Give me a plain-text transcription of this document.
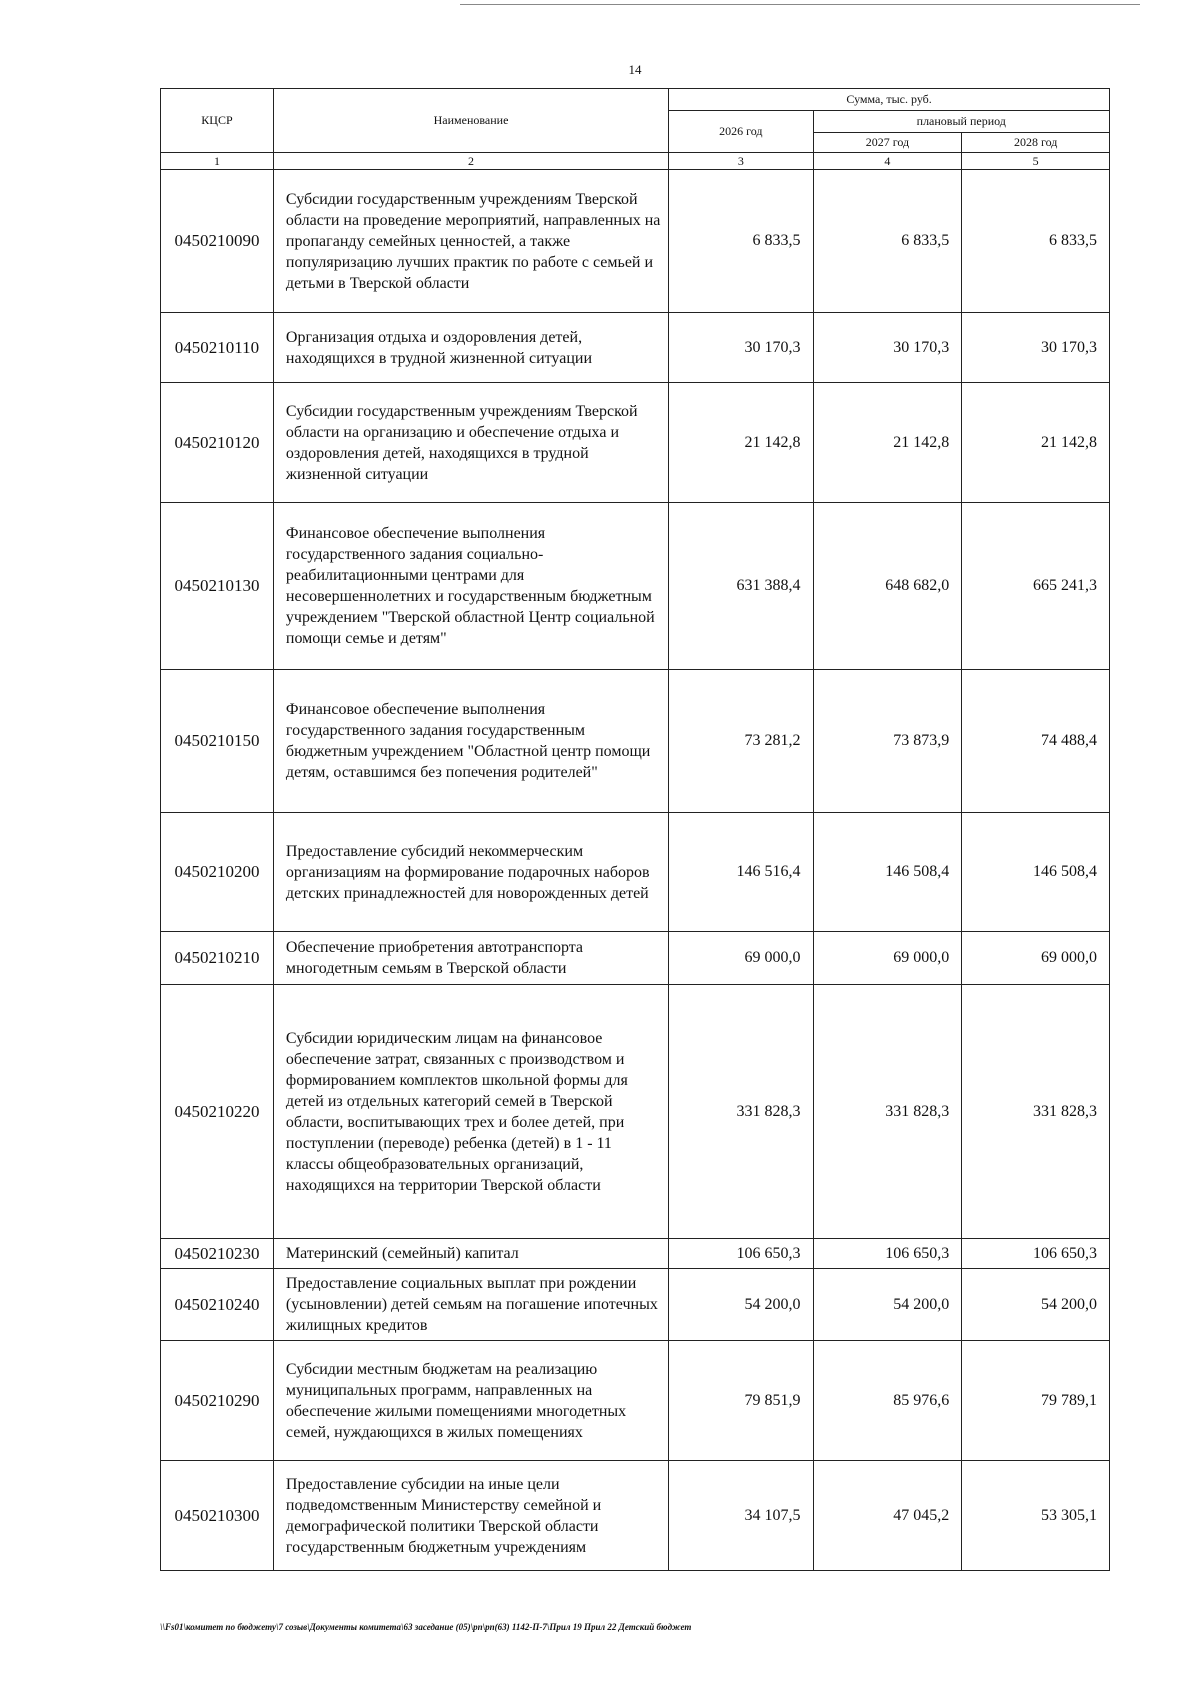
14
КЦСР	Наименование	Сумма, тыс. руб.		
		2026 год	плановый период	
			2027 год	2028 год
1	2	3	4	5
0450210090	Субсидии государственным учреждениям Тверской области на проведение мероприятий, направленных на пропаганду семейных ценностей, а также популяризацию лучших практик по работе с семьей и детьми в Тверской области	6 833,5	6 833,5	6 833,5
0450210110	Организация отдыха и оздоровления детей, находящихся в трудной жизненной ситуации	30 170,3	30 170,3	30 170,3
0450210120	Субсидии государственным учреждениям Тверской области на организацию и обеспечение отдыха и оздоровления детей, находящихся в трудной жизненной ситуации	21 142,8	21 142,8	21 142,8
0450210130	Финансовое обеспечение выполнения государственного задания социально-реабилитационными центрами для несовершеннолетних и государственным бюджетным учреждением "Тверской областной Центр социальной помощи семье и детям"	631 388,4	648 682,0	665 241,3
0450210150	Финансовое обеспечение выполнения государственного задания государственным бюджетным учреждением "Областной центр помощи детям, оставшимся без попечения родителей"	73 281,2	73 873,9	74 488,4
0450210200	Предоставление субсидий некоммерческим организациям на формирование подарочных наборов детских принадлежностей для новорожденных детей	146 516,4	146 508,4	146 508,4
0450210210	Обеспечение приобретения автотранспорта многодетным семьям в Тверской области	69 000,0	69 000,0	69 000,0
0450210220	Субсидии юридическим лицам на финансовое обеспечение затрат, связанных с производством и формированием комплектов школьной формы для детей из отдельных категорий семей в Тверской области, воспитывающих трех и более детей, при поступлении (переводе) ребенка (детей) в 1 - 11 классы общеобразовательных организаций, находящихся на территории Тверской области	331 828,3	331 828,3	331 828,3
0450210230	Материнский (семейный) капитал	106 650,3	106 650,3	106 650,3
0450210240	Предоставление социальных выплат при рождении (усыновлении) детей семьям на погашение ипотечных жилищных кредитов	54 200,0	54 200,0	54 200,0
0450210290	Субсидии местным бюджетам на реализацию муниципальных программ, направленных на обеспечение жилыми помещениями многодетных семей, нуждающихся в жилых помещениях	79 851,9	85 976,6	79 789,1
0450210300	Предоставление субсидии на иные цели подведомственным Министерству семейной и демографической политики Тверской области государственным бюджетным учреждениям	34 107,5	47 045,2	53 305,1
\\Fs01\комитет по бюджету\7 созыв\Документы комитета\63 заседание (05)\рп\рп(63) 1142-П-7\Прил 19 Прил 22 Детский бюджет
